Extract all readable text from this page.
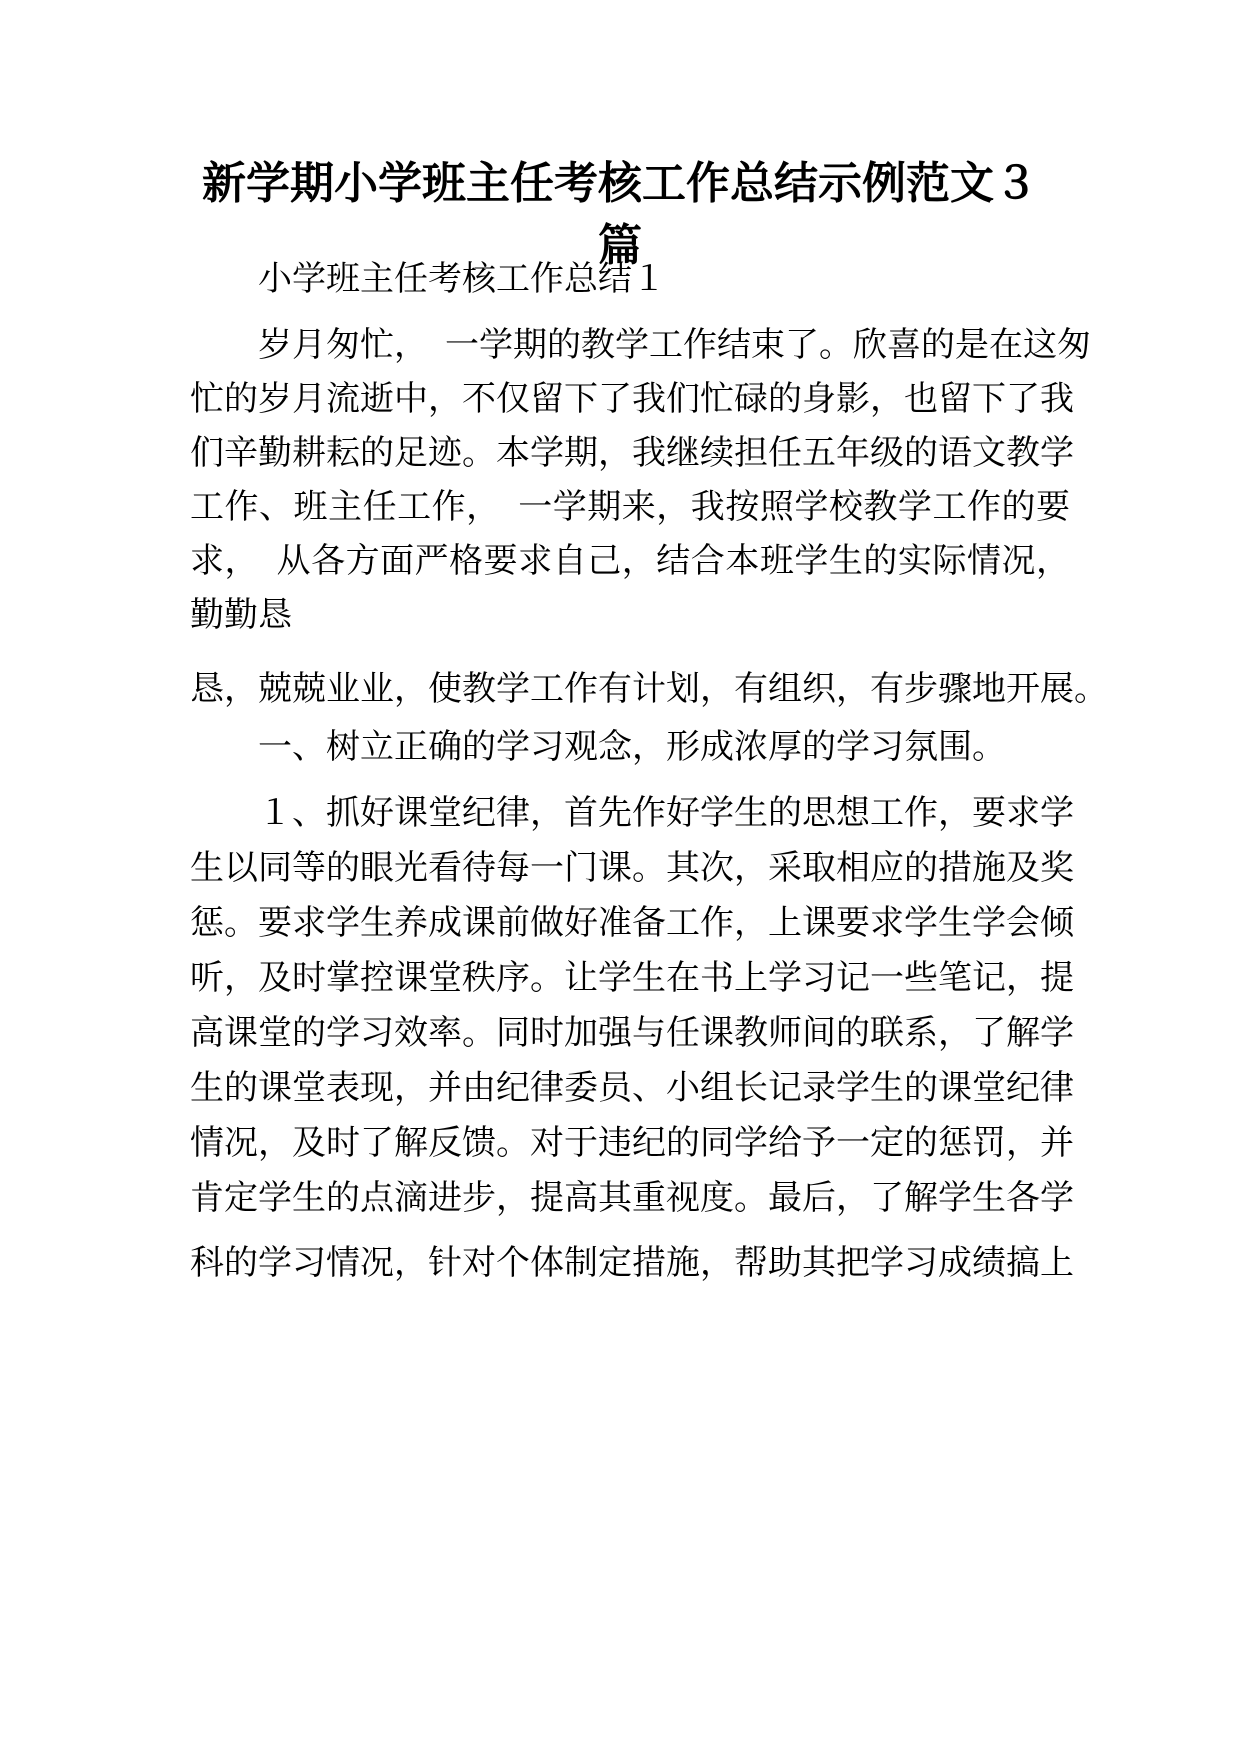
新学期小学班主任考核工作总结示例范文３
篇

小学班主任考核工作总结１

岁月匆忙，　一学期的教学工作结束了。欣喜的是在这匆

忙的岁月流逝中，不仅留下了我们忙碌的身影，也留下了我

们辛勤耕耘的足迹。本学期，我继续担任五年级的语文教学

工作、班主任工作，　一学期来，我按照学校教学工作的要

求，　从各方面严格要求自己，结合本班学生的实际情况，

勤勤恳

恳，兢兢业业，使教学工作有计划，有组织，有步骤地开展。

一、树立正确的学习观念，形成浓厚的学习氛围。

１、抓好课堂纪律，首先作好学生的思想工作，要求学

生以同等的眼光看待每一门课。其次，采取相应的措施及奖

惩。要求学生养成课前做好准备工作，上课要求学生学会倾

听，及时掌控课堂秩序。让学生在书上学习记一些笔记，提

高课堂的学习效率。同时加强与任课教师间的联系，了解学

生的课堂表现，并由纪律委员、小组长记录学生的课堂纪律

情况，及时了解反馈。对于违纪的同学给予一定的惩罚，并

肯定学生的点滴进步，提高其重视度。最后，了解学生各学

科的学习情况，针对个体制定措施，帮助其把学习成绩搞上
